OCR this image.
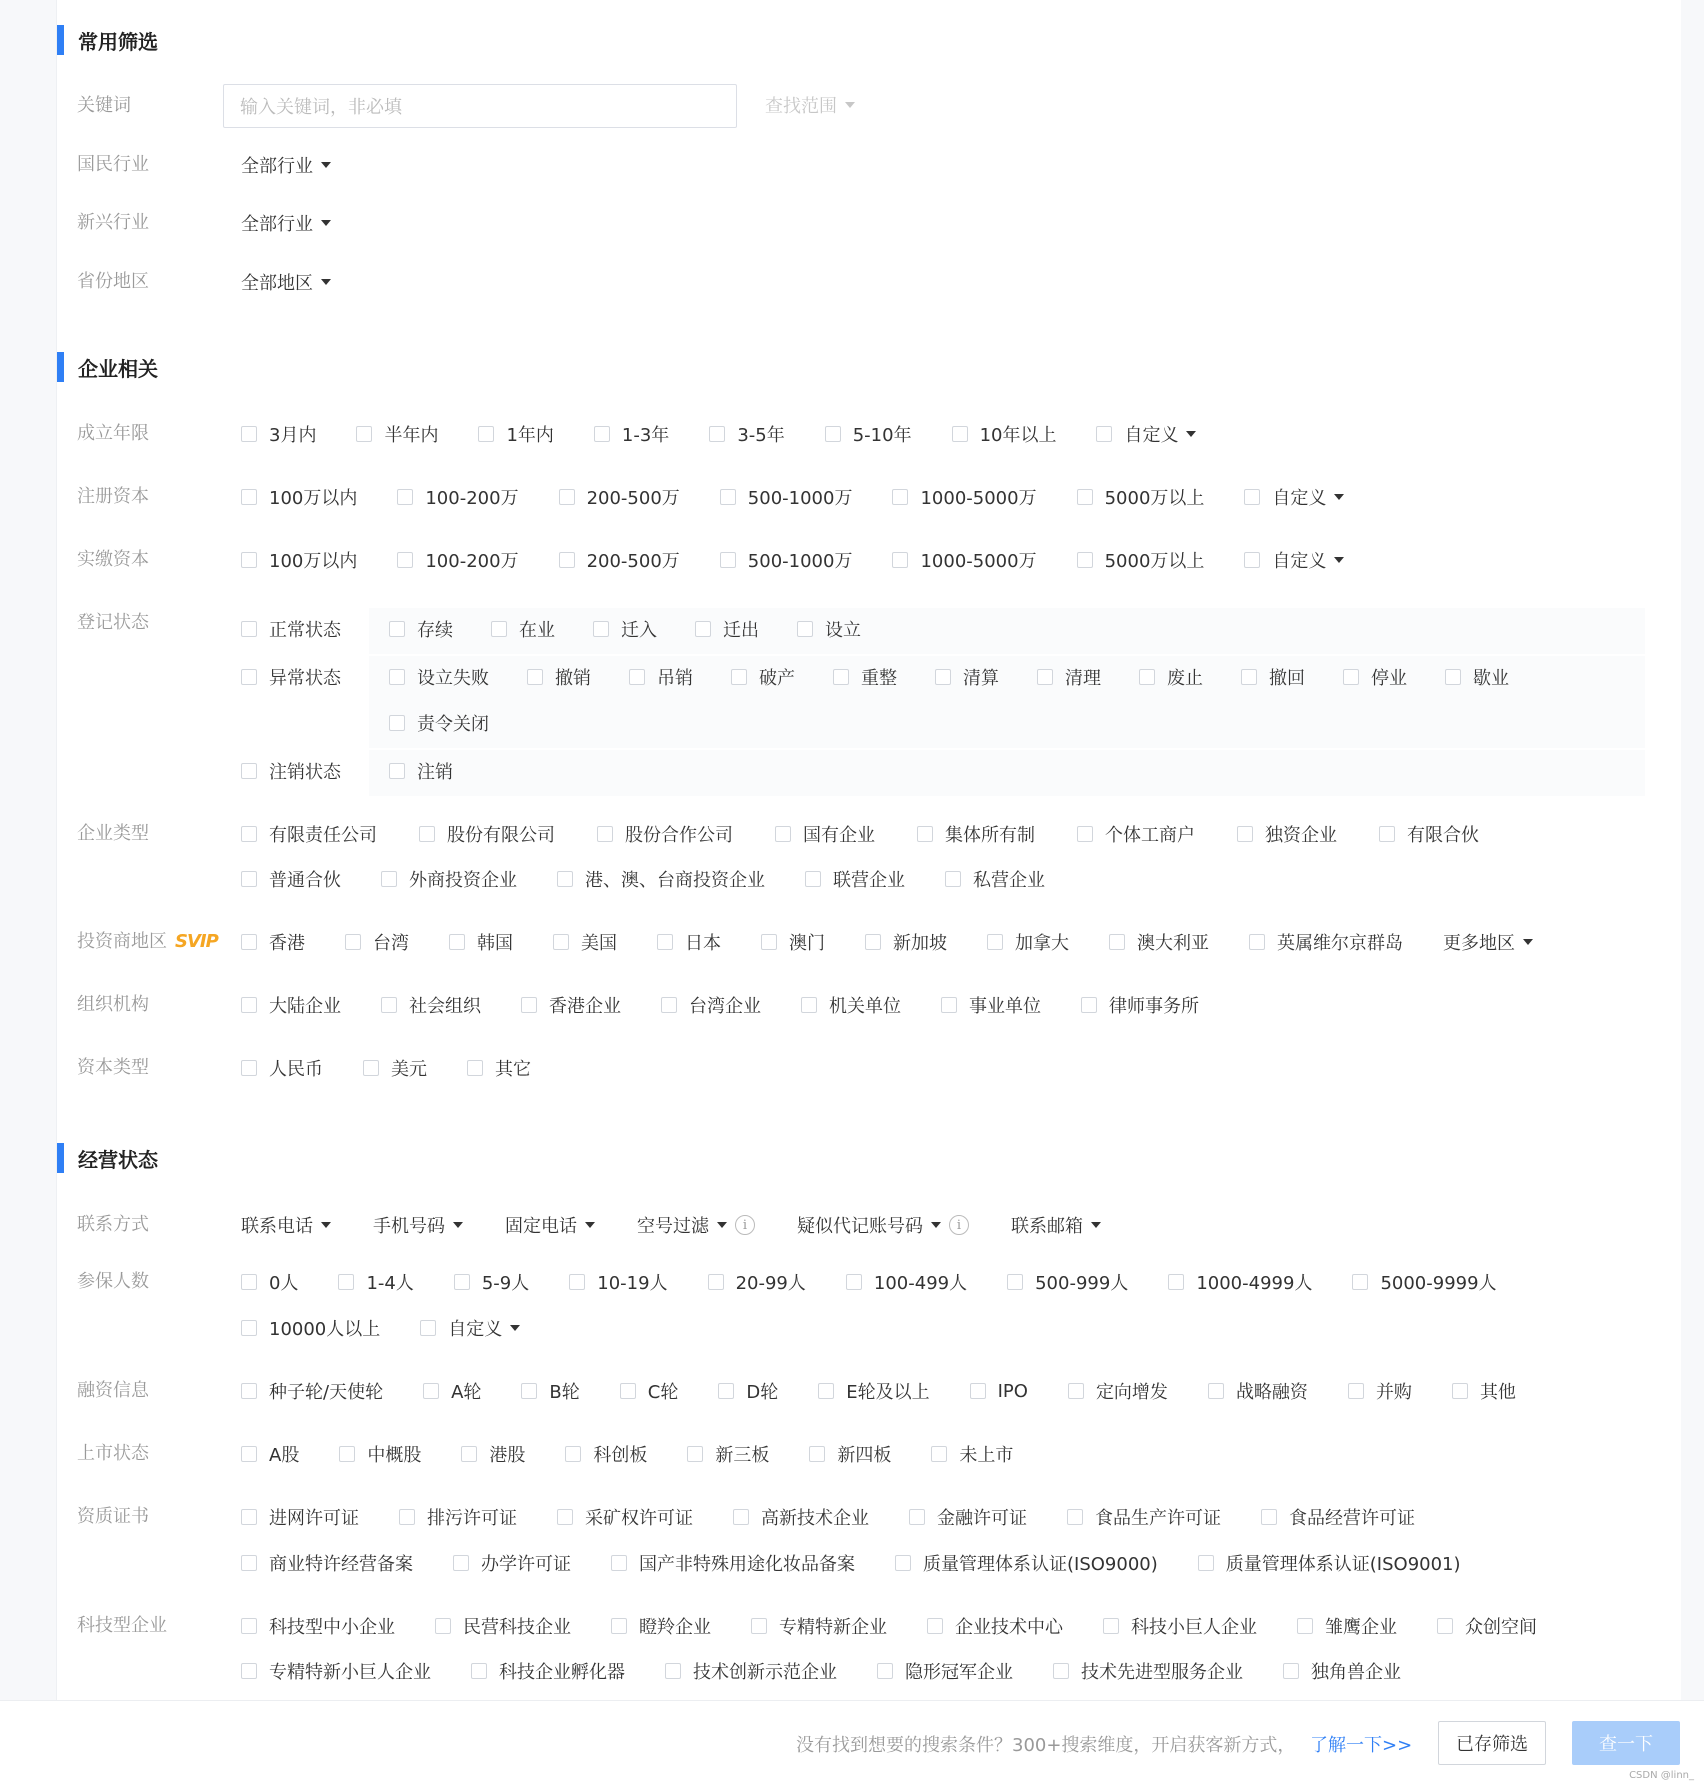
常用筛选
关键词	输入关键词，非必填	查找范围
国民行业	全部行业
新兴行业	全部行业
省份地区	全部地区
企业相关
成立年限	3月内	半年内	1年内	1-3年	3-5年	5-10年	10年以上	自定义
注册资本	100万以内	100-200万	200-500万	500-1000万	1000-5000万	5000万以上	自定义
实缴资本	100万以内	100-200万	200-500万	500-1000万	1000-5000万	5000万以上	自定义
登记状态	正常状态	存续	在业	迁入	迁出	设立
异常状态	设立失败	撤销	吊销	破产	重整	清算	清理	废止	撤回	停业	歇业
责令关闭
注销状态	注销
企业类型	有限责任公司	股份有限公司	股份合作公司	国有企业	集体所有制	个体工商户	独资企业	有限合伙
普通合伙	外商投资企业	港、澳、台商投资企业	联营企业	私营企业
投资商地区 SVIP	香港	台湾	韩国	美国	日本	澳门	新加坡	加拿大	澳大利亚	英属维尔京群岛 更多地区
组织机构	大陆企业	社会组织	香港企业	台湾企业	机关单位	事业单位	律师事务所
资本类型	人民币	美元	其它
经营状态
联系方式	联系电话	手机号码	固定电话	空号过滤	i	疑似代记账号码	i	联系邮箱
参保人数	0人	1-4人	5-9人	10-19人	20-99人	100-499人	500-999人	1000-4999人	5000-9999人
10000人以上	自定义
融资信息	种子轮/天使轮	A轮	B轮	C轮	D轮	E轮及以上	IPO	定向增发	战略融资	并购	其他
上市状态	A股	中概股	港股	科创板	新三板	新四板	未上市
资质证书	进网许可证	排污许可证	采矿权许可证	高新技术企业	金融许可证	食品生产许可证	食品经营许可证
商业特许经营备案	办学许可证	国产非特殊用途化妆品备案	质量管理体系认证(ISO9000)	质量管理体系认证(ISO9001)
科技型企业	科技型中小企业	民营科技企业	瞪羚企业	专精特新企业	企业技术中心	科技小巨人企业	雏鹰企业	众创空间
专精特新小巨人企业	科技企业孵化器	技术创新示范企业	隐形冠军企业	技术先进型服务企业	独角兽企业
没有找到想要的搜索条件？300+搜索维度，开启获客新方式， 了解一下>>	已存筛选	查一下
CSDN @linn_
